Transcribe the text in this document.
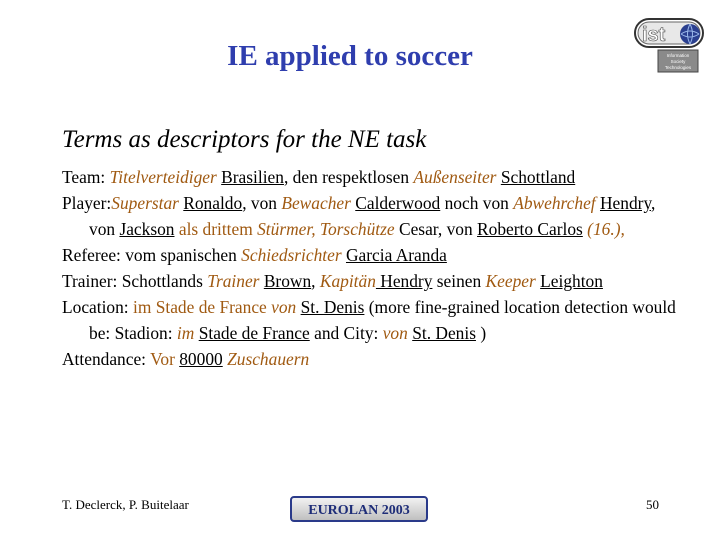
IE applied to soccer
ist
Information
Society
Technologies
Terms as descriptors for the NE task

Team: Titelverteidiger Brasilien, den respektlosen Außenseiter Schottland

Player:Superstar Ronaldo, von Bewacher Calderwood noch von Abwehrchef Hendry, von Jackson als drittem Stürmer, Torschütze Cesar, von Roberto Carlos (16.),

Referee: vom spanischen Schiedsrichter Garcia Aranda

Trainer: Schottlands Trainer Brown, Kapitän Hendry seinen Keeper Leighton

Location: im Stade de France von St. Denis (more fine-grained location detection would be: Stadion: im Stade de France and City: von St. Denis )

Attendance: Vor 80000 Zuschauern

T. Declerck, P. Buitelaar	EUROLAN 2003	50
